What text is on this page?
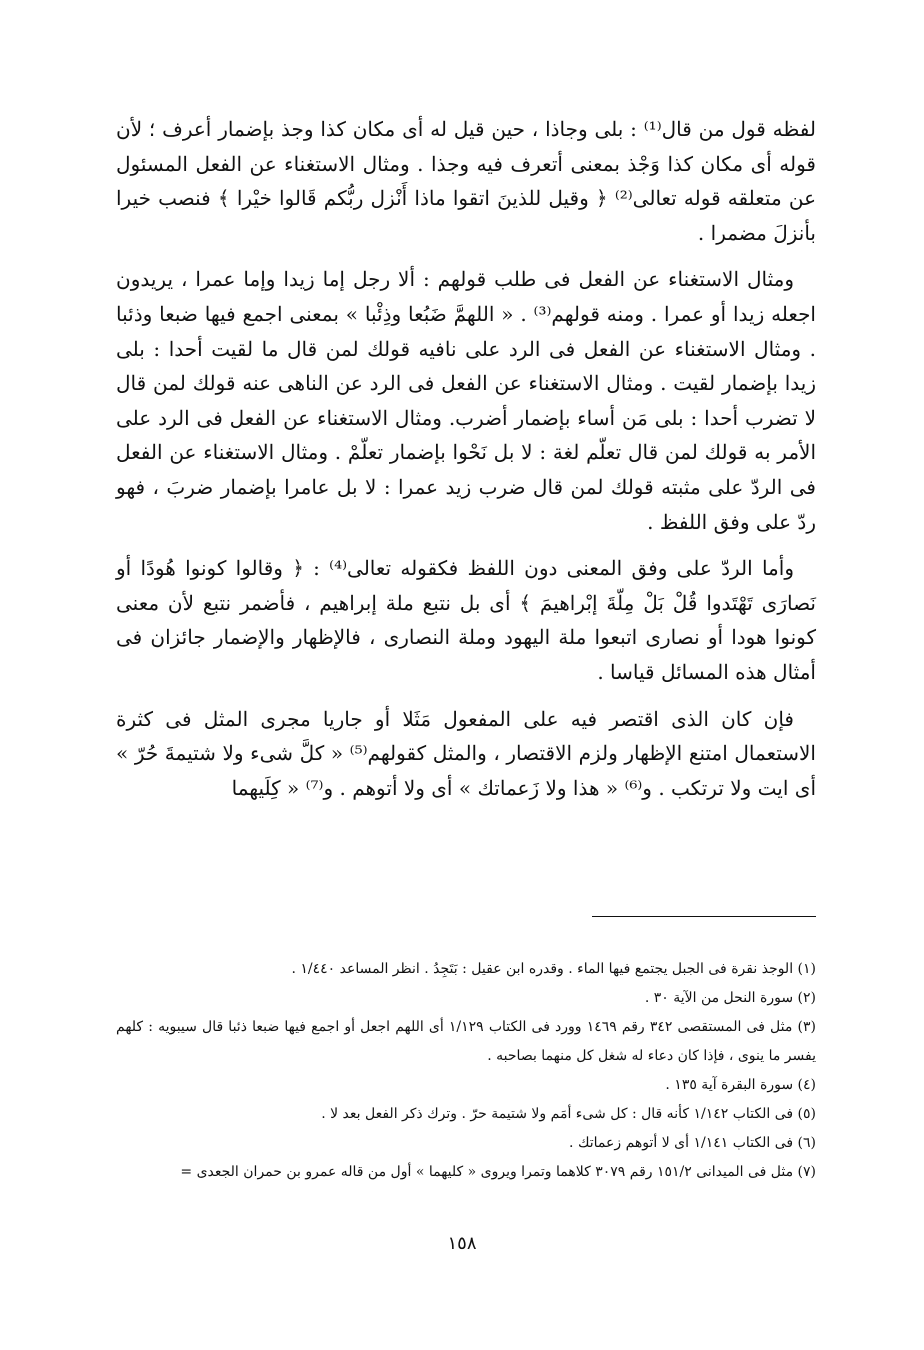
لفظه قول من قال⁽¹⁾ : بلى وجاذا ، حين قيل له أى مكان كذا وجذ بإضمار أعرف ؛ لأن قوله أى مكان كذا وَجْذ بمعنى أتعرف فيه وجذا . ومثال الاستغناء عن الفعل المسئول عن متعلقه قوله تعالى⁽²⁾ ﴿ وقيل للذينَ اتقوا ماذا أَنْزل ربُّكم قَالوا خيْرا ﴾ فنصب خيرا بأنزلَ مضمرا .

ومثال الاستغناء عن الفعل فى طلب قولهم : ألا رجل إما زيدا وإما عمرا ، يريدون اجعله زيدا أو عمرا . ومنه قولهم⁽³⁾ . « اللهمَّ ضَبُعا وذِئْبا » بمعنى اجمع فيها ضبعا وذئبا . ومثال الاستغناء عن الفعل فى الرد على نافيه قولك لمن قال ما لقيت أحدا : بلى زيدا بإضمار لقيت . ومثال الاستغناء عن الفعل فى الرد عن الناهى عنه قولك لمن قال لا تضرب أحدا : بلى مَن أساء بإضمار أضرب. ومثال الاستغناء عن الفعل فى الرد على الأمر به قولك لمن قال تعلّم لغة : لا بل نَحْوا بإضمار تعلّمْ . ومثال الاستغناء عن الفعل فى الردّ على مثبته قولك لمن قال ضرب زيد عمرا : لا بل عامرا بإضمار ضربَ ، فهو ردّ على وفق اللفظ .

وأما الردّ على وفق المعنى دون اللفظ فكقوله تعالى⁽⁴⁾ : ﴿ وقالوا كونوا هُودًا أو نَصارَى تَهْتَدوا قُلْ بَلْ مِلّةَ إبْراهيمَ ﴾ أى بل نتبع ملة إبراهيم ، فأضمر نتبع لأن معنى كونوا هودا أو نصارى اتبعوا ملة اليهود وملة النصارى ، فالإظهار والإضمار جائزان فى أمثال هذه المسائل قياسا .

فإن كان الذى اقتصر فيه على المفعول مَثَلا أو جاريا مجرى المثل فى كثرة الاستعمال امتنع الإظهار ولزم الاقتصار ، والمثل كقولهم⁽⁵⁾ « كلَّ شىء ولا شتيمةَ حُرّ » أى ايت ولا ترتكب . و⁽⁶⁾ « هذا ولا زَعماتك » أى ولا أتوهم . و⁽⁷⁾ « كِلَيهما

(١) الوجذ نقرة فى الجبل يجتمع فيها الماء . وقدره ابن عقيل : بَتَجِدُ . انظر المساعد ١/٤٤٠ .

(٢) سورة النحل من الآية ٣٠ .

(٣) مثل فى المستقصى ٣٤٢ رقم ١٤٦٩ وورد فى الكتاب ١/١٢٩ أى اللهم اجعل أو اجمع فيها ضبعا ذئبا قال سيبويه : كلهم يفسر ما ينوى ، فإذا كان دعاء له شغل كل منهما بصاحبه .

(٤) سورة البقرة آية ١٣٥ .

(٥) فى الكتاب ١/١٤٢ كأنه قال : كل شىء أمَم ولا شتيمة حرّ . وترك ذكر الفعل بعد لا .

(٦) فى الكتاب ١/١٤١ أى لا أتوهم زعماتك .

(٧) مثل فى الميدانى ١٥١/٢ رقم ٣٠٧٩ كلاهما وتمرا ويروى « كليهما » أول من قاله عمرو بن حمران الجعدى =

١٥٨
